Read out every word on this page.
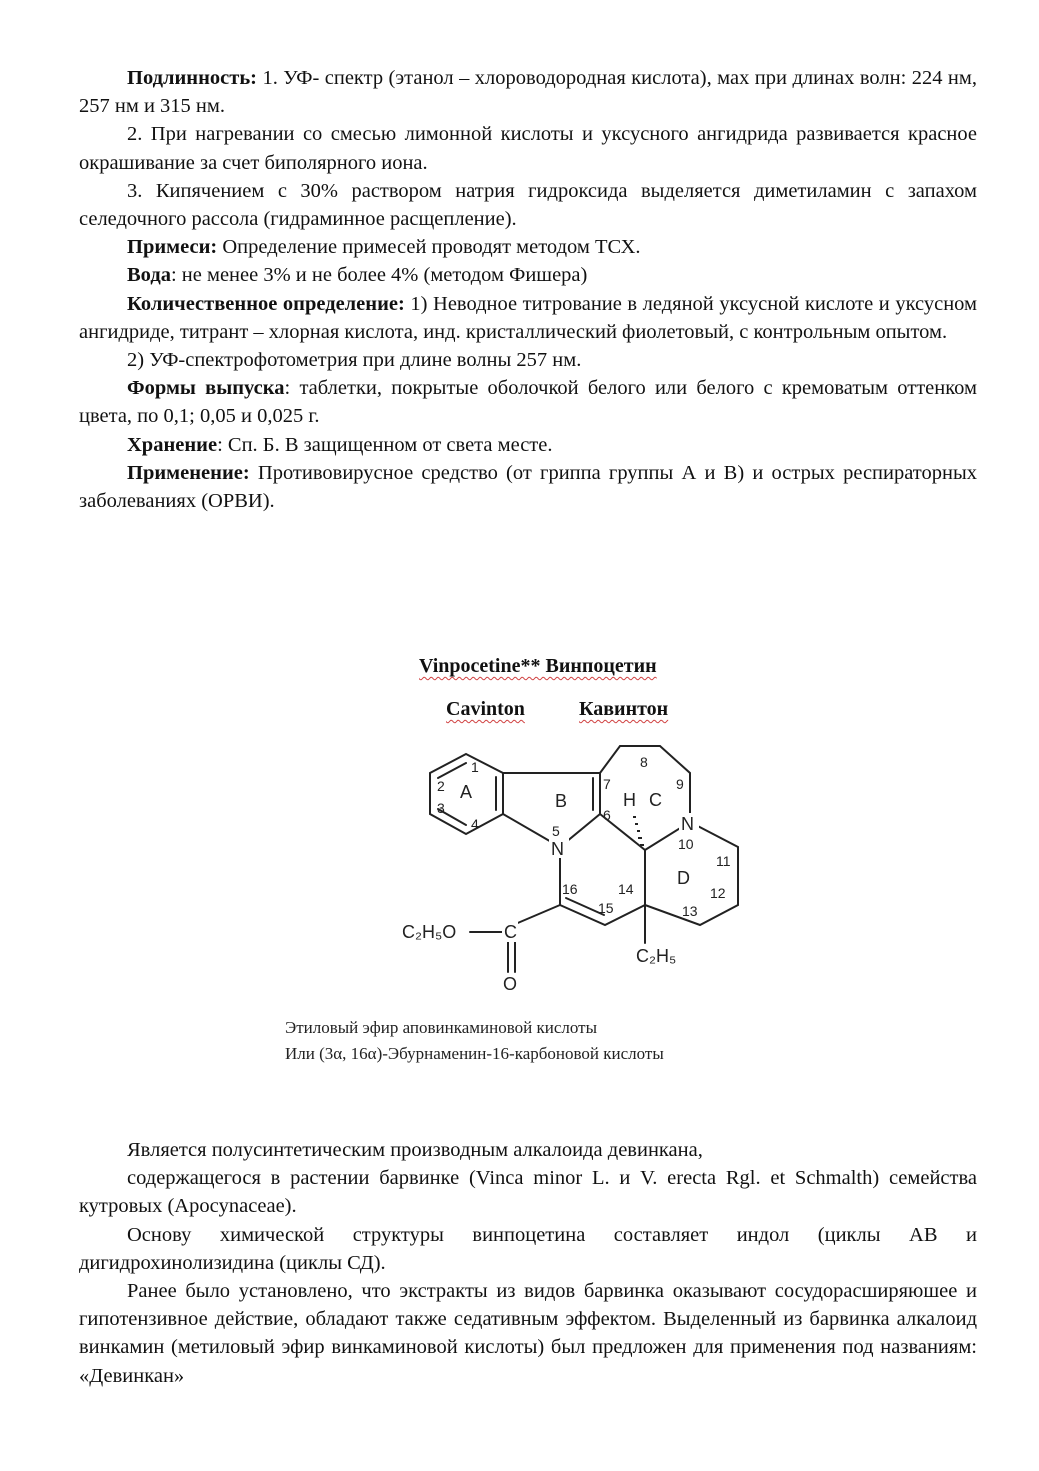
Подлинность: 1. УФ- спектр (этанол – хлороводородная кислота), мах при длинах волн: 224 нм, 257 нм и 315 нм.

2. При нагревании со смесью лимонной кислоты и уксусного ангидрида развивается красное окрашивание за счет биполярного иона.

3. Кипячением с 30% раствором натрия гидроксида выделяется диметиламин с запахом селедочного рассола (гидраминное расщепление).

Примеси: Определение примесей проводят методом ТСХ.

Вода: не менее 3% и не более 4% (методом Фишера)

Количественное определение: 1) Неводное титрование в ледяной уксусной кислоте и уксусном ангидриде, титрант – хлорная кислота, инд. кристаллический фиолетовый, с контрольным опытом.

2) УФ-спектрофотометрия при длине волны 257 нм.

Формы выпуска: таблетки, покрытые оболочкой белого или белого с кремоватым оттенком цвета, по 0,1; 0,05 и 0,025 г.

Хранение: Сп. Б. В защищенном от света месте.

Применение: Противовирусное средство (от гриппа группы А и В) и острых респираторных заболеваниях (ОРВИ).

Vinpocetine** Винпоцетин
Cavinton	Кавинтон
N
N
H
C
O
C₂H₅O
C₂H₅
A	B	C
D
1
2
3
4	5
6
7
8
9
10
11
12
13
14
15
16
Этиловый эфир аповинкаминовой кислоты
Или (3α, 16α)-Эбурнаменин-16-карбоновой кислоты

Является полусинтетическим производным алкалоида девинкана,

содержащегося в растении барвинке (Vinca minor L. и V. erecta Rgl. et Schmalth) семейства кутровых (Apocynaceae).

Основу химической структуры винпоцетина составляет индол (циклы АВ и дигидрохинолизидина (циклы СД).

Ранее было установлено, что экстракты из видов барвинка оказывают сосудорасширяюшее и гипотензивное действие, обладают также седативным эффектом. Выделенный из барвинка алкалоид винкамин (метиловый эфир винкаминовой кислоты) был предложен для применения под названиям: «Девинкан»
